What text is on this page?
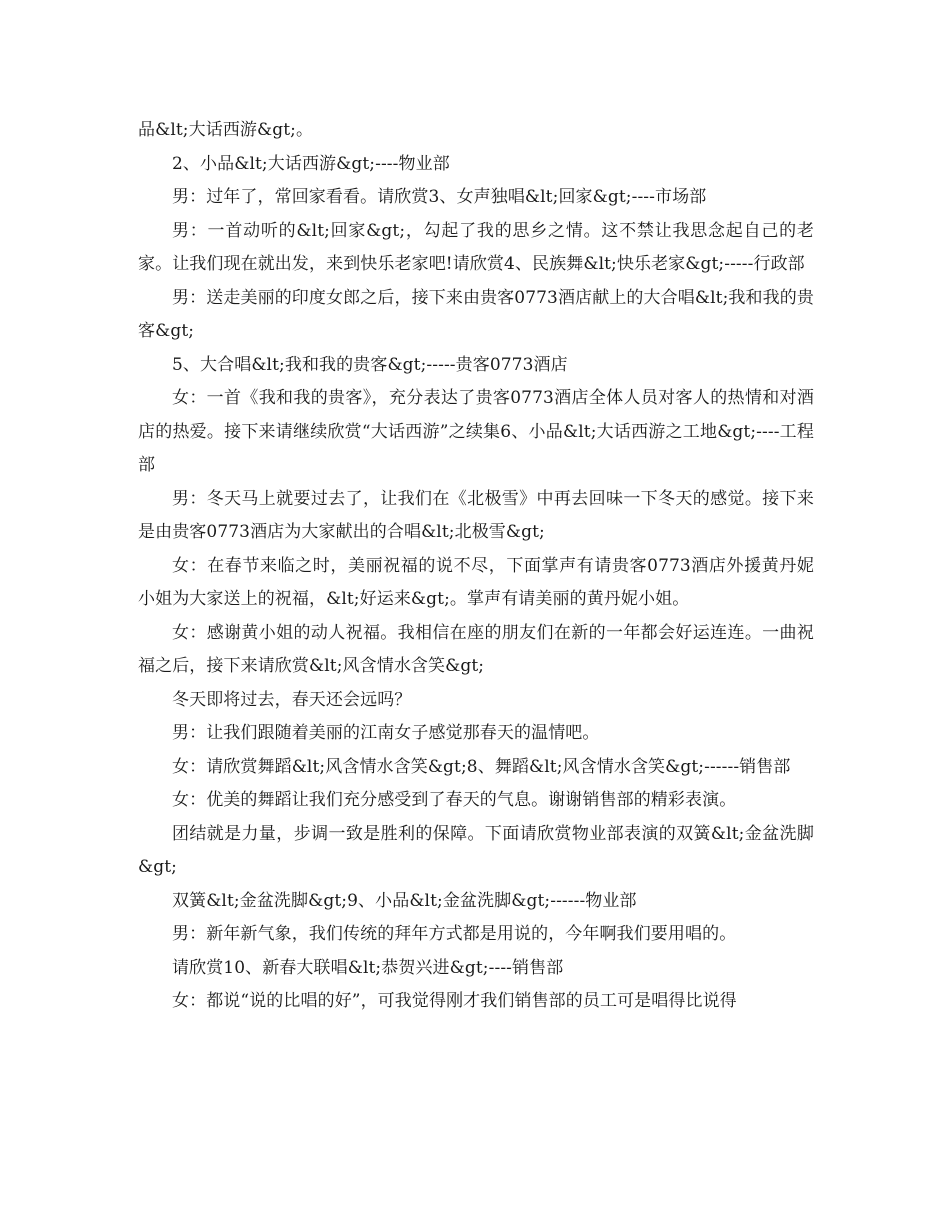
品&lt;大话西游&gt;。

2、小品&lt;大话西游&gt;----物业部

男：过年了，常回家看看。请欣赏3、女声独唱&lt;回家&gt;----市场部

男：一首动听的&lt;回家&gt;，勾起了我的思乡之情。这不禁让我思念起自己的老家。让我们现在就出发，来到快乐老家吧!请欣赏4、民族舞&lt;快乐老家&gt;-----行政部

男：送走美丽的印度女郎之后，接下来由贵客0773酒店献上的大合唱&lt;我和我的贵客&gt;

5、大合唱&lt;我和我的贵客&gt;-----贵客0773酒店

女：一首《我和我的贵客》，充分表达了贵客0773酒店全体人员对客人的热情和对酒店的热爱。接下来请继续欣赏“大话西游”之续集6、小品&lt;大话西游之工地&gt;----工程部

男：冬天马上就要过去了，让我们在《北极雪》中再去回味一下冬天的感觉。接下来是由贵客0773酒店为大家献出的合唱&lt;北极雪&gt;

女：在春节来临之时，美丽祝福的说不尽，下面掌声有请贵客0773酒店外援黄丹妮小姐为大家送上的祝福，&lt;好运来&gt;。掌声有请美丽的黄丹妮小姐。

女：感谢黄小姐的动人祝福。我相信在座的朋友们在新的一年都会好运连连。一曲祝福之后，接下来请欣赏&lt;风含情水含笑&gt;

冬天即将过去，春天还会远吗？

男：让我们跟随着美丽的江南女子感觉那春天的温情吧。

女：请欣赏舞蹈&lt;风含情水含笑&gt;8、舞蹈&lt;风含情水含笑&gt;------销售部

女：优美的舞蹈让我们充分感受到了春天的气息。谢谢销售部的精彩表演。

团结就是力量，步调一致是胜利的保障。下面请欣赏物业部表演的双簧&lt;金盆洗脚&gt;

双簧&lt;金盆洗脚&gt;9、小品&lt;金盆洗脚&gt;------物业部

男：新年新气象，我们传统的拜年方式都是用说的，今年啊我们要用唱的。

请欣赏10、新春大联唱&lt;恭贺兴进&gt;----销售部

女：都说“说的比唱的好”，可我觉得刚才我们销售部的员工可是唱得比说得
